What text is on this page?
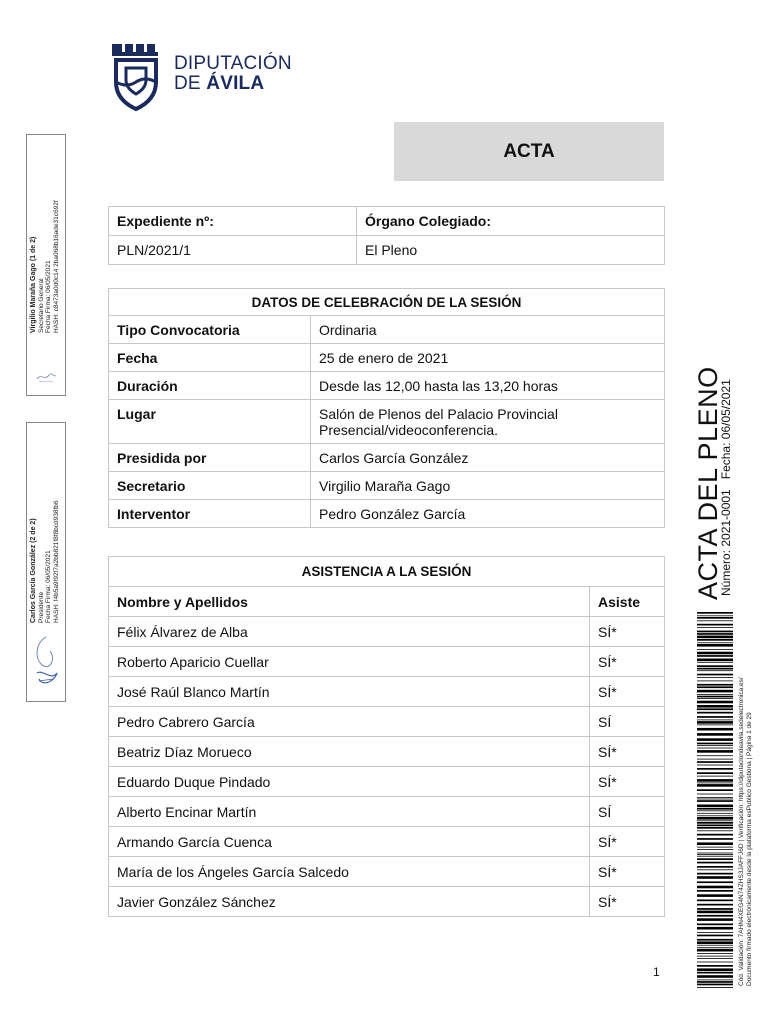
DIPUTACIÓN
DE ÁVILA
ACTA
Expediente nº:	Órgano Colegiado:
PLN/2021/1	El Pleno
DATOS DE CELEBRACIÓN DE LA SESIÓN	
Tipo Convocatoria	Ordinaria
Fecha	25 de enero de 2021
Duración	Desde las 12,00 hasta las 13,20 horas
Lugar	Salón de Plenos del Palacio Provincial
Presencial/videoconferencia.

Presidida por	Carlos García González
Secretario	Virgilio Maraña Gago
Interventor	Pedro González García
ASISTENCIA A LA SESIÓN	
Nombre y Apellidos	Asiste
Félix Álvarez de Alba	SÍ*
Roberto Aparicio Cuellar	SÍ*
José Raúl Blanco Martín	SÍ*
Pedro Cabrero García	SÍ
Beatriz Díaz Morueco	SÍ*
Eduardo Duque Pindado	SÍ*
Alberto Encinar Martín	SÍ
Armando García Cuenca	SÍ*
María de los Ángeles García Salcedo	SÍ*
Javier González Sánchez	SÍ*
Virgilio Maraña Gago (1 de 2) Secretario General Fecha Firma: 06/05/2021 HASH: c8473a0d0c14 2ba068b16ade31c692f
Carlos García González (2 de 2) Presidente Fecha Firma: 06/05/2021 HASH: f4b5a9f92f7a2bb821f8f8bcd938fb6	ACTA DEL PLENO
Número: 2021-0001   Fecha: 06/05/2021
Cód. Validación: 7AHN4XEG4N74ZHS3JAFFJ6D | Verificación: https://diputaciondeavila.sedelectronica.es/ Documento firmado electrónicamente desde la plataforma esPublico Gestiona | Página 1 de 29
1
